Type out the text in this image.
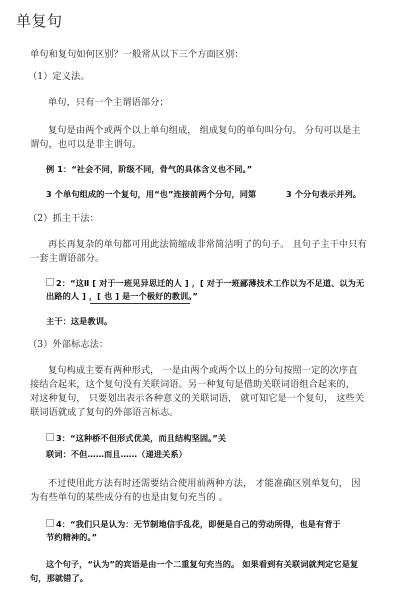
单复句

单句和复句如何区别？一般常从以下三个方面区别：

（1）定义法。

单句，只有一个主谓语部分；

复句是由两个或两个以上单句组成， 组成复句的单句叫分句。 分句可以是主

谓句，也可以是非主谓句。

例 1：“社会不同，阶级不同，骨气的具体含义也不同。”

3 个单句组成的一个复句，用“也”连接前两个分句，同第	3 个分句表示并列。

（2）抓主干法：

再长再复杂的单句都可用此法简缩成非常简洁明了的句子。 且句子主干中只有

一套主谓语部分。

2：“这Ⅱ [ 对于一班见异思迁的人 ] ，[ 对于一班鄙薄技术工作以为不足道、以为无

出路的人 ] ，[ 也 ] 是一个极好的教训。”

主干：这是教训。

（3）外部标志法：

复句构成主要有两种形式， 一是由两个或两个以上的分句按照一定的次序直

接结合起来，这个复句没有关联词语。另一种复句是借助关联词语组合起来的，

对这种复句， 只要划出表示各种意义的关联词语， 就可知它是一个复句， 这些关

联词语就成了复句的外部语言标志。

3：“这种桥不但形式优美，而且结构坚固。”关

联词：不但……而且……（递进关系）

不过使用此方法有时还需要结合使用前两种方法， 才能准确区别单复句， 因

为有些单句的某些成分有的也是由复句充当的 。

4：“我们只是认为：无节制地信手乱花，即便是自己的劳动所得，也是有背于

节约精神的。”

这个句子，“认为”的宾语是由一个二重复句充当的。 如果看到有关联词就判定它是复

句，那就错了。
